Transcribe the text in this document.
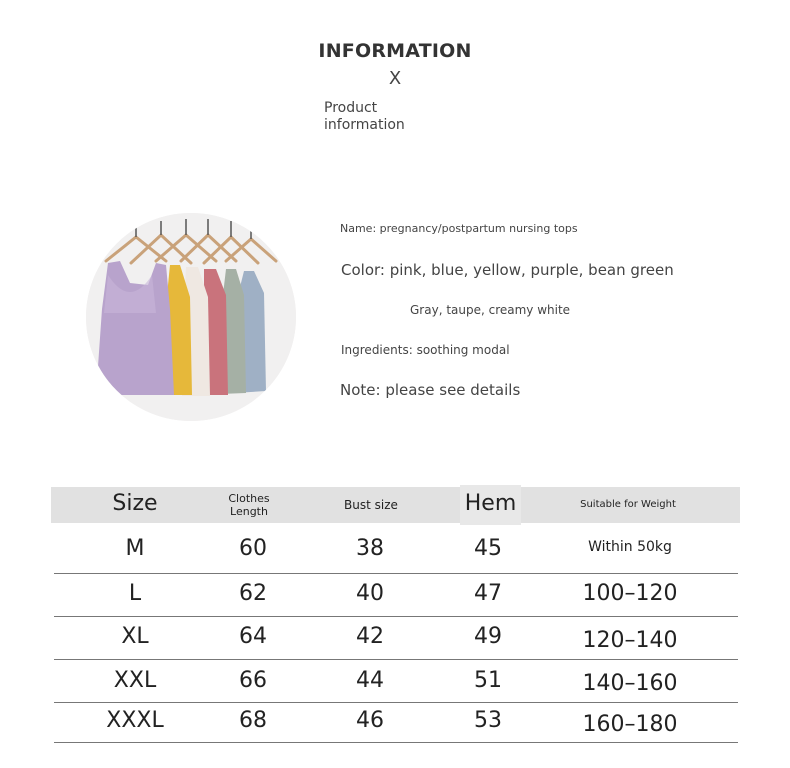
INFORMATION
X
Product information
Name: pregnancy/postpartum nursing tops
Color: pink, blue, yellow, purple, bean green
Gray, taupe, creamy white
Ingredients: soothing modal
Note: please see details
Size	Clothes Length	Bust size	Hem	Suitable for Weight
M	60	38	45	Within 50kg
L	62	40	47	100–120
XL	64	42	49	120–140
XXL	66	44	51	140–160
XXXL	68	46	53	160–180
